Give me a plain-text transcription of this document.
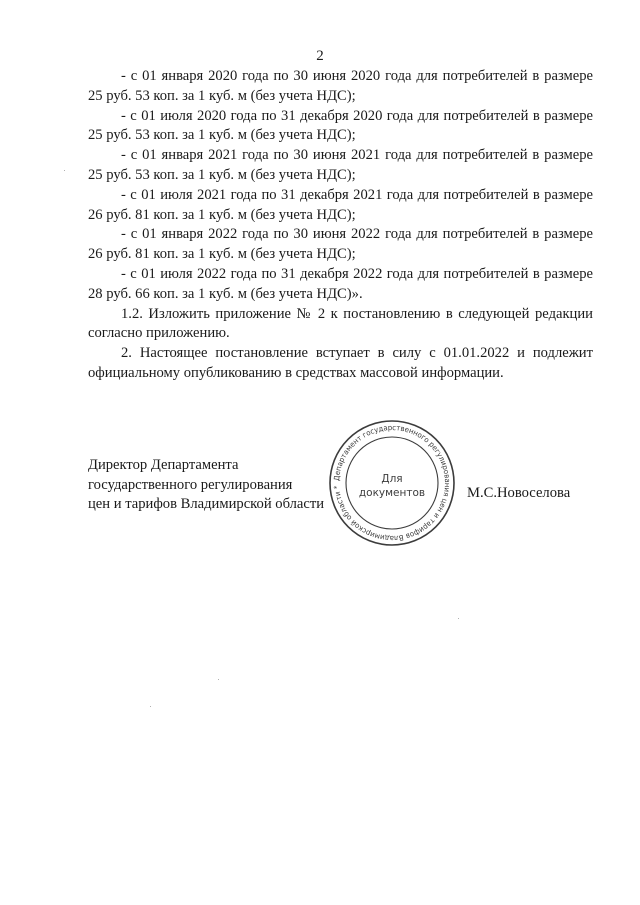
2

- с 01 января 2020 года по 30 июня 2020 года для потребителей в размере 25 руб. 53 коп. за 1 куб. м (без учета НДС);

- с 01 июля 2020 года по 31 декабря 2020 года для потребителей в размере 25 руб. 53 коп. за 1 куб. м (без учета НДС);

- с 01 января 2021 года по 30 июня 2021 года для потребителей в размере 25 руб. 53 коп. за 1 куб. м (без учета НДС);

- с 01 июля 2021 года по 31 декабря 2021 года для потребителей в размере 26 руб. 81 коп. за 1 куб. м (без учета НДС);

- с 01 января 2022 года по 30 июня 2022 года для потребителей в размере 26 руб. 81 коп. за 1 куб. м (без учета НДС);

- с 01 июля 2022 года по 31 декабря 2022 года для потребителей в размере 28 руб. 66 коп. за 1 куб. м (без учета НДС)».

1.2. Изложить приложение № 2 к постановлению в следующей редакции согласно приложению.

2. Настоящее постановление вступает в силу с 01.01.2022 и подлежит официальному опубликованию в средствах массовой информации.

Директор Департамента
государственного регулирования
цен и тарифов Владимирской области
Департамент государственного регулирования цен и тарифов Владимирской области *
Для
документов	М.С.Новоселова
